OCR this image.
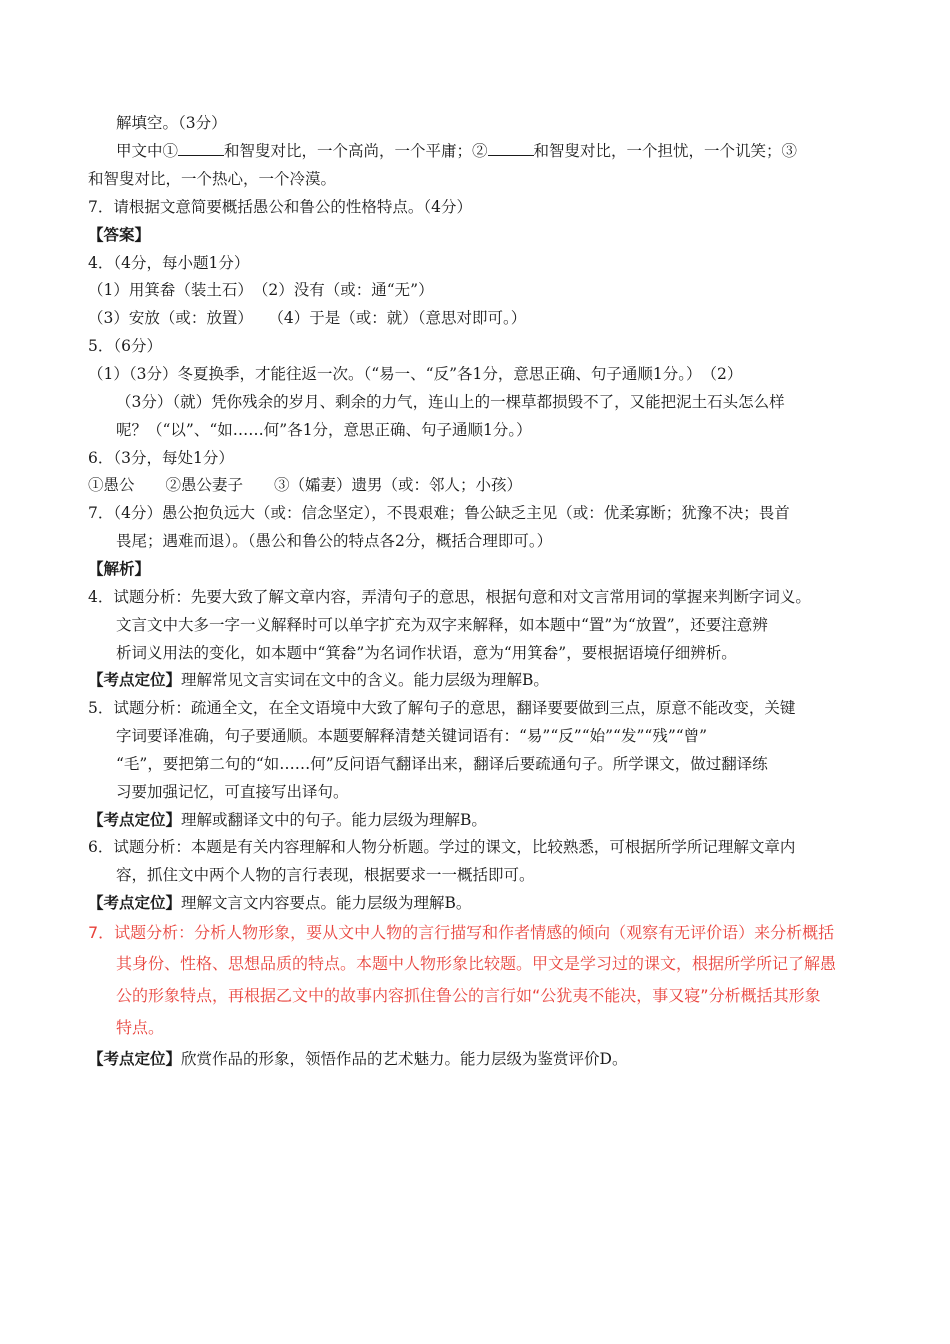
解填空。（3分）
甲文中①	和智叟对比，一个高尚，一个平庸；②	和智叟对比，一个担忧，一个讥笑；③
和智叟对比，一个热心，一个冷漠。
7．请根据文意简要概括愚公和鲁公的性格特点。（4分）
【答案】
4．（4分，每小题1分）
（1）用箕畚（装土石）　（2）没有（或：通“无”）
（3）安放（或：放置）　　（4）于是（或：就）（意思对即可。）
5．（6分）
（1）（3分）冬夏换季，才能往返一次。（“易一、“反”各1分，意思正确、句子通顺1分。）　（2）
（3分）（就）凭你残余的岁月、剩余的力气，连山上的一棵草都损毁不了，又能把泥土石头怎么样
呢？（“以”、“如……何”各1分，意思正确、句子通顺1分。）
6．（3分，每处1分）
①愚公　　②愚公妻子　　③（孀妻）遗男（或：邻人；小孩）
7．（4分）愚公抱负远大（或：信念坚定），不畏艰难；鲁公缺乏主见（或：优柔寡断；犹豫不决；畏首
畏尾；遇难而退）。（愚公和鲁公的特点各2分，概括合理即可。）
【解析】
4．试题分析：先要大致了解文章内容，弄清句子的意思，根据句意和对文言常用词的掌握来判断字词义。
文言文中大多一字一义解释时可以单字扩充为双字来解释，如本题中“置”为“放置”，还要注意辨
析词义用法的变化，如本题中“箕畚”为名词作状语，意为“用箕畚”，要根据语境仔细辨析。
【考点定位】理解常见文言实词在文中的含义。能力层级为理解B。
5．试题分析：疏通全文，在全文语境中大致了解句子的意思，翻译要要做到三点，原意不能改变，关键
字词要译准确，句子要通顺。本题要解释清楚关键词语有：“易”“反”“始”“发”“残”“曾”
“毛”，要把第二句的“如……何”反问语气翻译出来，翻译后要疏通句子。所学课文，做过翻译练
习要加强记忆，可直接写出译句。
【考点定位】理解或翻译文中的句子。能力层级为理解B。
6．试题分析：本题是有关内容理解和人物分析题。学过的课文，比较熟悉，可根据所学所记理解文章内
容，抓住文中两个人物的言行表现，根据要求一一概括即可。
【考点定位】理解文言文内容要点。能力层级为理解B。
7．试题分析：分析人物形象，要从文中人物的言行描写和作者情感的倾向（观察有无评价语）来分析概括
其身份、性格、思想品质的特点。本题中人物形象比较题。甲文是学习过的课文，根据所学所记了解愚
公的形象特点，再根据乙文中的故事内容抓住鲁公的言行如“公犹夷不能决，事又寝”分析概括其形象
特点。
【考点定位】欣赏作品的形象，领悟作品的艺术魅力。能力层级为鉴赏评价D。
